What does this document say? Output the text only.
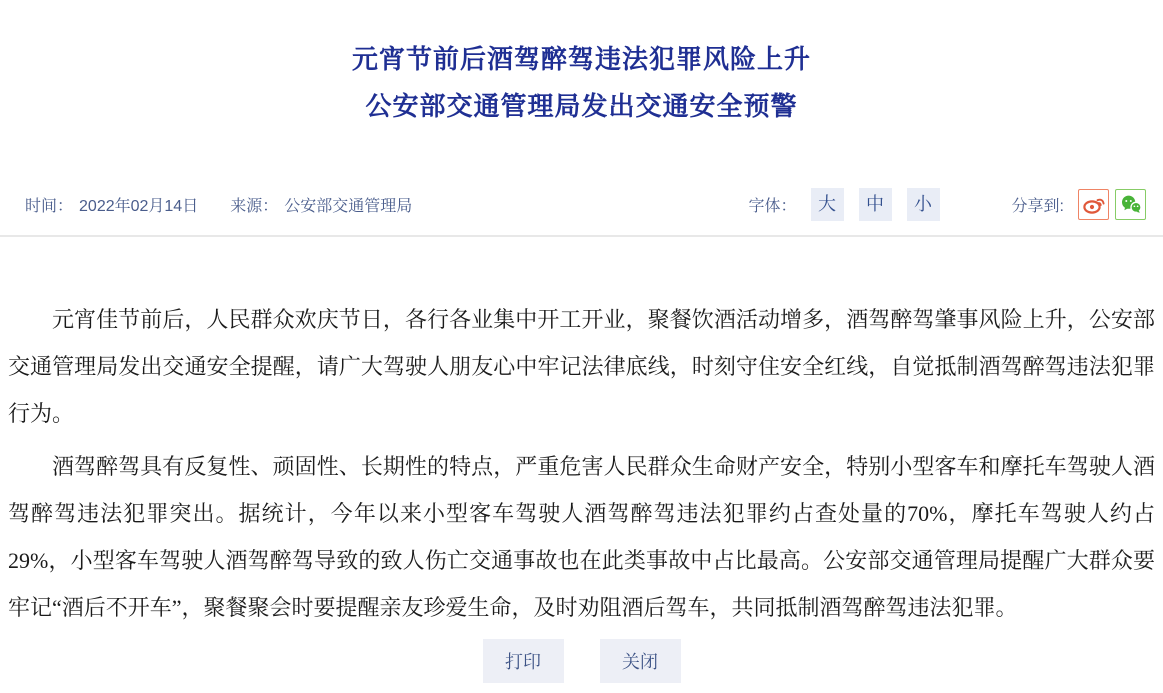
元宵节前后酒驾醉驾违法犯罪风险上升
公安部交通管理局发出交通安全预警
时间： 2022年02月14日 来源： 公安部交通管理局	字体：	大	中	小	分享到:

元宵佳节前后，人民群众欢庆节日，各行各业集中开工开业，聚餐饮酒活动增多，酒驾醉驾肇事风险上升，公安部交通管理局发出交通安全提醒，请广大驾驶人朋友心中牢记法律底线，时刻守住安全红线，自觉抵制酒驾醉驾违法犯罪行为。

酒驾醉驾具有反复性、顽固性、长期性的特点，严重危害人民群众生命财产安全，特别小型客车和摩托车驾驶人酒驾醉驾违法犯罪突出。据统计，今年以来小型客车驾驶人酒驾醉驾违法犯罪约占查处量的70%，摩托车驾驶人约占29%，小型客车驾驶人酒驾醉驾导致的致人伤亡交通事故也在此类事故中占比最高。公安部交通管理局提醒广大群众要牢记“酒后不开车”，聚餐聚会时要提醒亲友珍爱生命，及时劝阻酒后驾车，共同抵制酒驾醉驾违法犯罪。

打印	关闭
